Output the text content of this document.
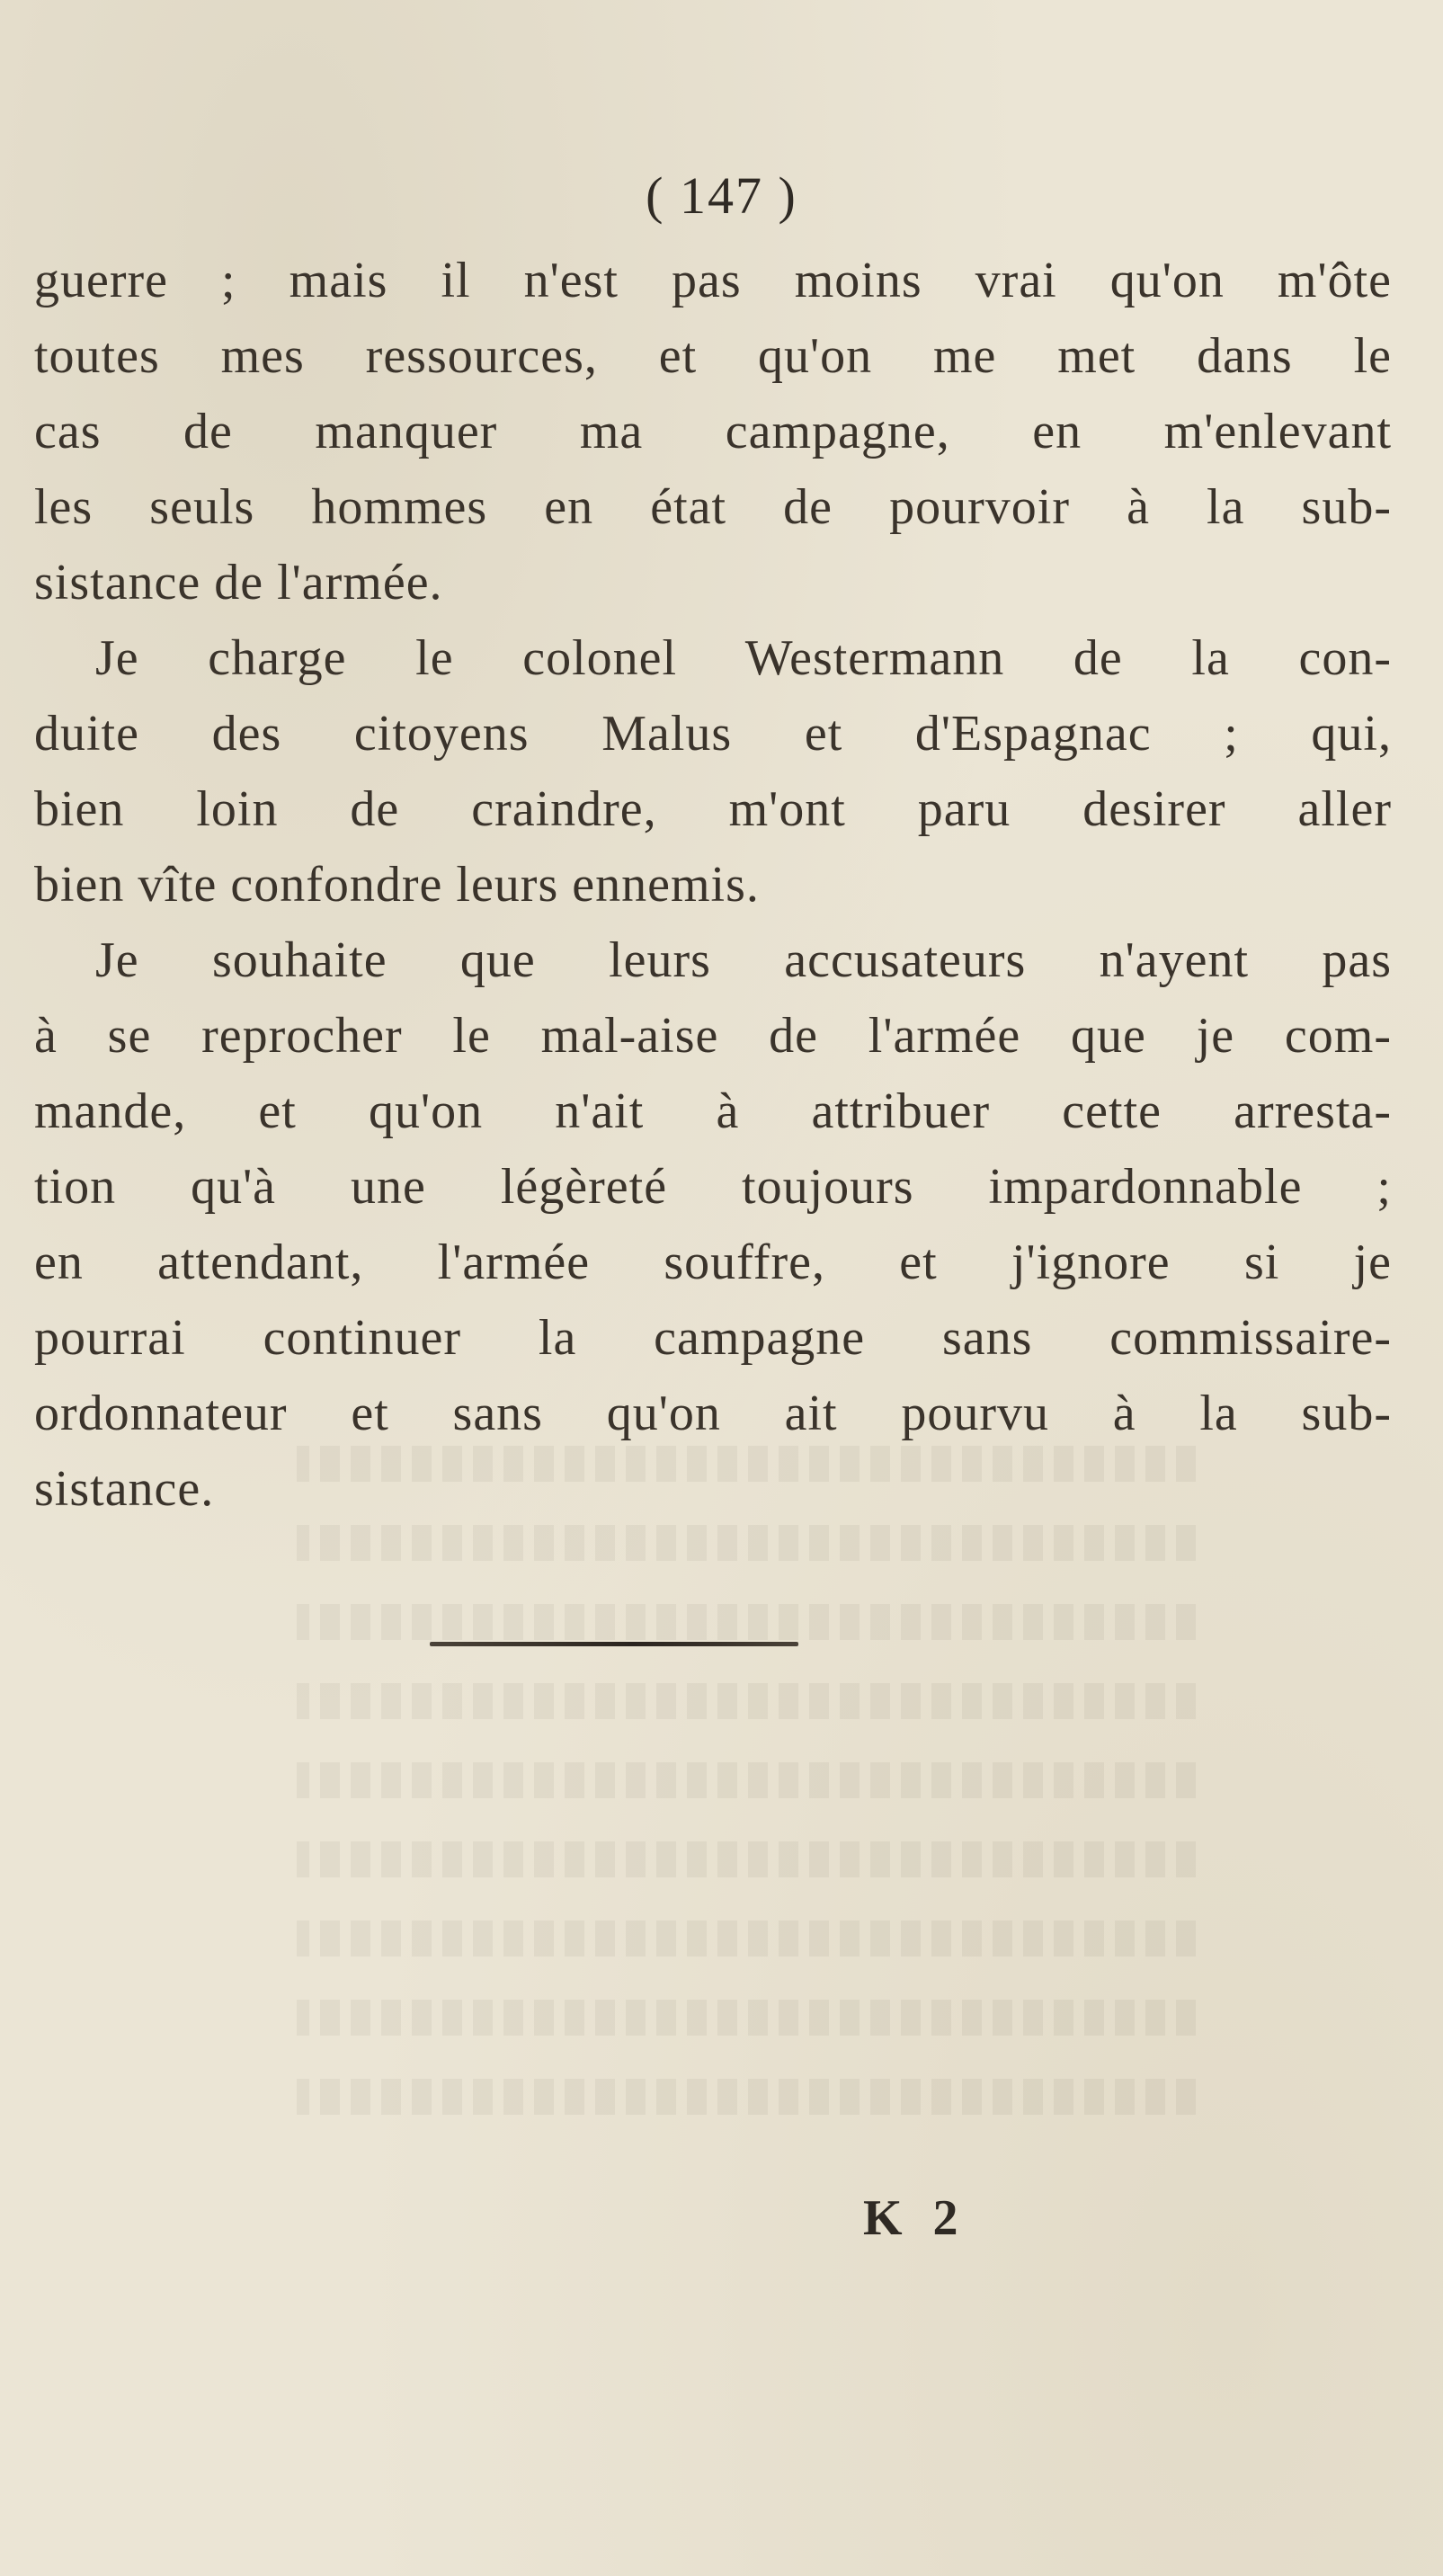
( 147 )
guerre ; mais il n'est pas moins vrai qu'on m'ôte
toutes mes ressources, et qu'on me met dans le
cas de manquer ma campagne, en m'enlevant
les seuls hommes en état de pourvoir à la sub-
sistance de l'armée.
Je charge le colonel Westermann de la con-
duite des citoyens Malus et d'Espagnac ; qui,
bien loin de craindre, m'ont paru desirer aller
bien vîte confondre leurs ennemis.
Je souhaite que leurs accusateurs n'ayent pas
à se reprocher le mal-aise de l'armée que je com-
mande, et qu'on n'ait à attribuer cette arresta-
tion qu'à une légèreté toujours impardonnable ;
en attendant, l'armée souffre, et j'ignore si je
pourrai continuer la campagne sans commissaire-
ordonnateur et sans qu'on ait pourvu à la sub-
sistance.
K 2
